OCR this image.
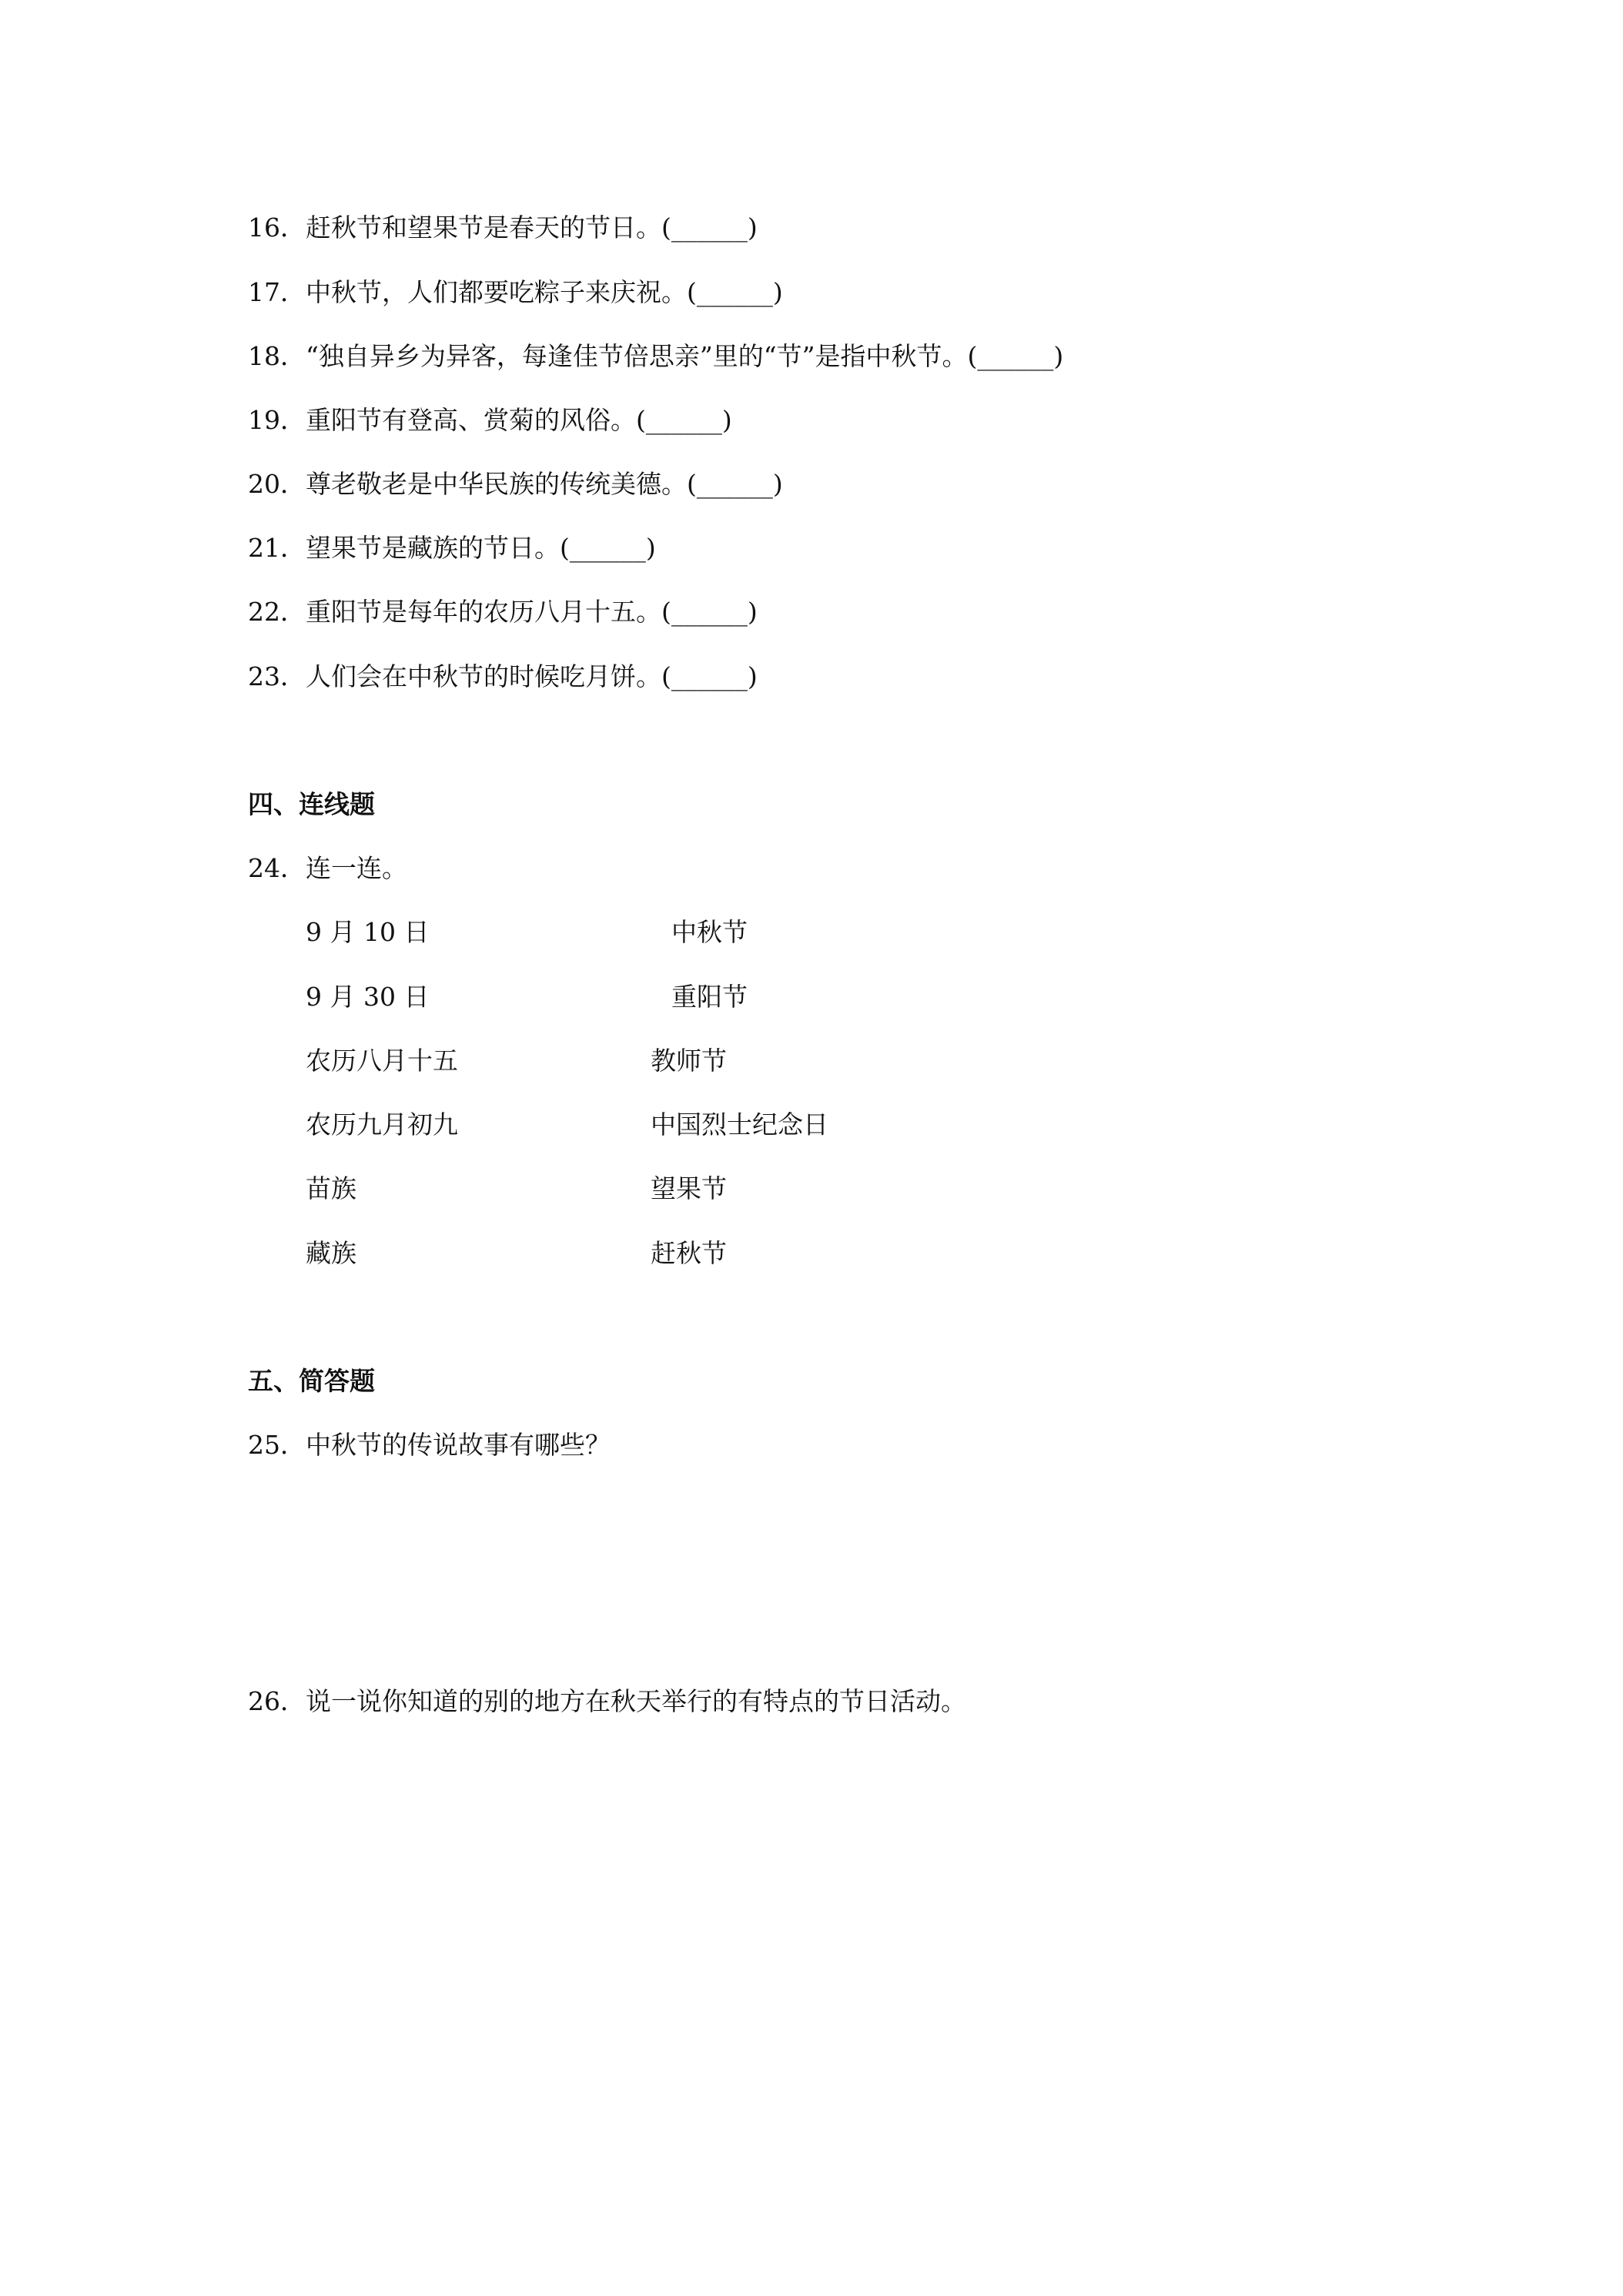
16．赶秋节和望果节是春天的节日。(______)
17．中秋节，人们都要吃粽子来庆祝。(______)
18．“独自异乡为异客，每逢佳节倍思亲”里的“节”是指中秋节。(______)
19．重阳节有登高、赏菊的风俗。(______)
20．尊老敬老是中华民族的传统美德。(______)
21．望果节是藏族的节日。(______)
22．重阳节是每年的农历八月十五。(______)
23．人们会在中秋节的时候吃月饼。(______)
四、连线题
24．连一连。
9 月 10 日
9 月 30 日
农历八月十五
农历九月初九
苗族
藏族
中秋节
重阳节
教师节
中国烈士纪念日
望果节
赶秋节
五、简答题
25．中秋节的传说故事有哪些？
26．说一说你知道的别的地方在秋天举行的有特点的节日活动。
